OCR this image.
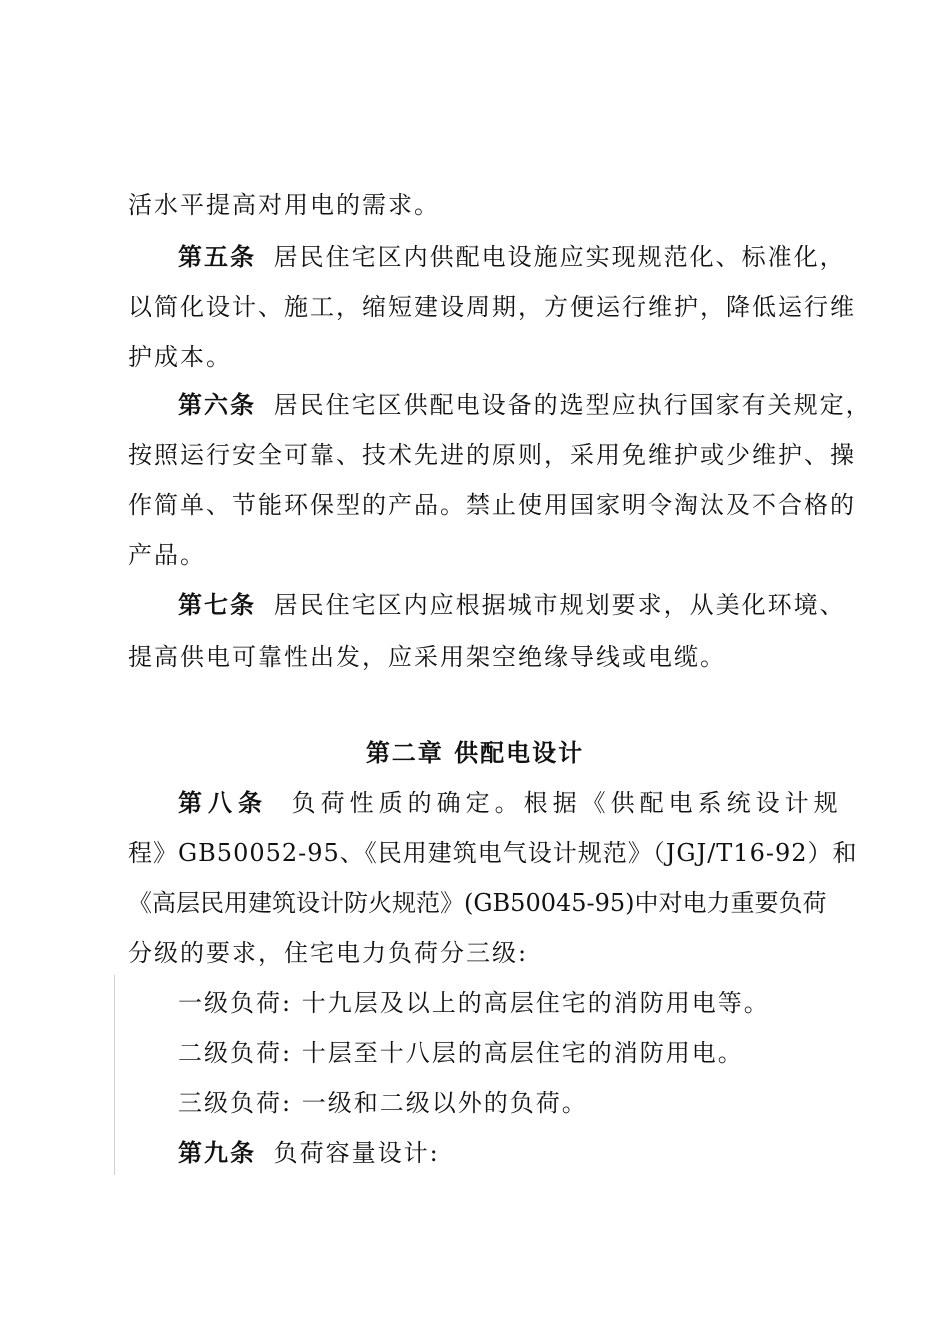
活水平提高对用电的需求。
第五条 居民住宅区内供配电设施应实现规范化、标准化，
以简化设计、施工，缩短建设周期，方便运行维护，降低运行维
护成本。
第六条 居民住宅区供配电设备的选型应执行国家有关规定，
按照运行安全可靠、技术先进的原则，采用免维护或少维护、操
作简单、节能环保型的产品。禁止使用国家明令淘汰及不合格的
产品。
第七条 居民住宅区内应根据城市规划要求，从美化环境、
提高供电可靠性出发，应采用架空绝缘导线或电缆。
第二章 供配电设计
第八条 负荷性质的确定。根据《供配电系统设计规
程》GB50052-95、《民用建筑电气设计规范》（JGJ/T16-92）和
《高层民用建筑设计防火规范》(GB50045-95)中对电力重要负荷
分级的要求，住宅电力负荷分三级:
一级负荷: 十九层及以上的高层住宅的消防用电等。
二级负荷: 十层至十八层的高层住宅的消防用电。
三级负荷: 一级和二级以外的负荷。
第九条 负荷容量设计:
